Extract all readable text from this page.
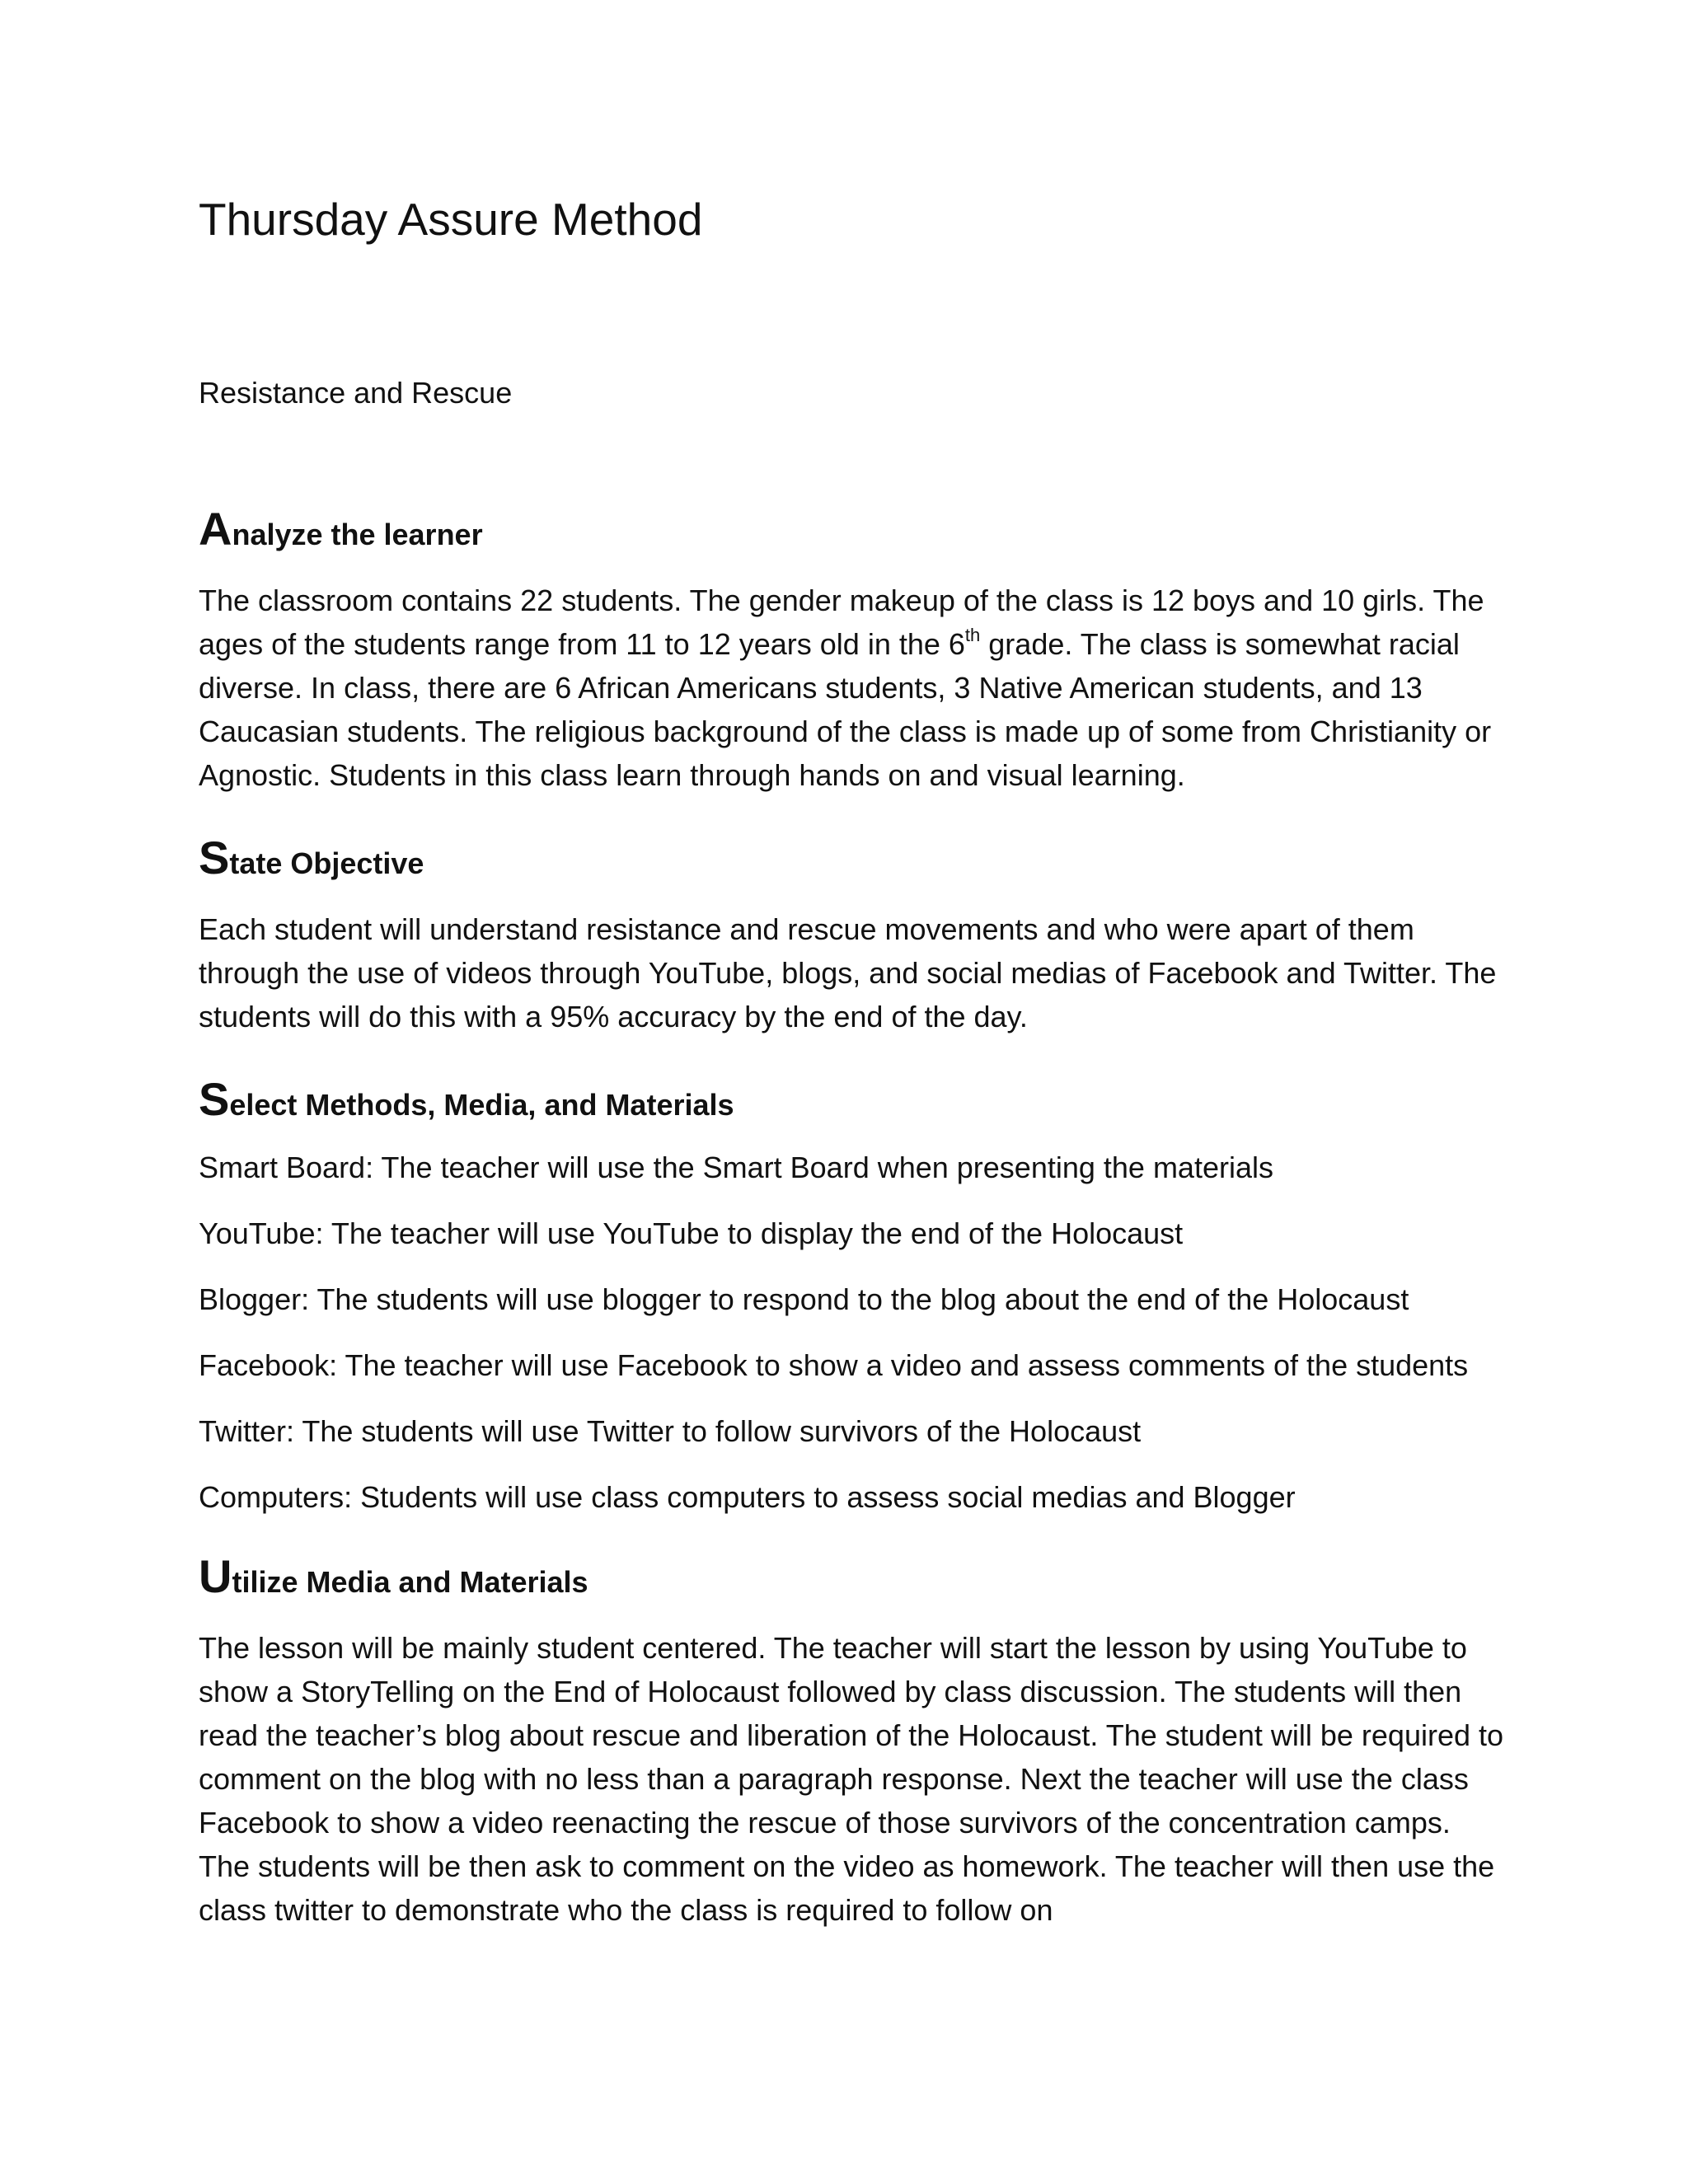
Thursday Assure Method

Resistance and Rescue

Analyze the learner

The classroom contains 22 students. The gender makeup of the class is 12 boys and 10 girls. The ages of the students range from 11 to 12 years old in the 6th grade. The class is somewhat racial diverse. In class, there are 6 African Americans students, 3 Native American students, and 13 Caucasian students. The religious background of the class is made up of some from Christianity or Agnostic. Students in this class learn through hands on and visual learning.

State Objective

Each student will understand resistance and rescue movements and who were apart of them through the use of videos through YouTube, blogs, and social medias of Facebook and Twitter. The students will do this with a 95% accuracy by the end of the day.

Select Methods, Media, and Materials

Smart Board: The teacher will use the Smart Board when presenting the materials

YouTube: The teacher will use YouTube to display the end of the Holocaust

Blogger: The students will use blogger to respond to the blog about the end of the Holocaust

Facebook: The teacher will use Facebook to show a video and assess comments of the students

Twitter: The students will use Twitter to follow survivors of the Holocaust

Computers: Students will use class computers to assess social medias and Blogger

Utilize Media and Materials

The lesson will be mainly student centered. The teacher will start the lesson by using YouTube to show a StoryTelling on the End of Holocaust followed by class discussion. The students will then read the teacher’s blog about rescue and liberation of the Holocaust. The student will be required to comment on the blog with no less than a paragraph response. Next the teacher will use the class Facebook to show a video reenacting the rescue of those survivors of the concentration camps. The students will be then ask to comment on the video as homework. The teacher will then use the class twitter to demonstrate who the class is required to follow on
